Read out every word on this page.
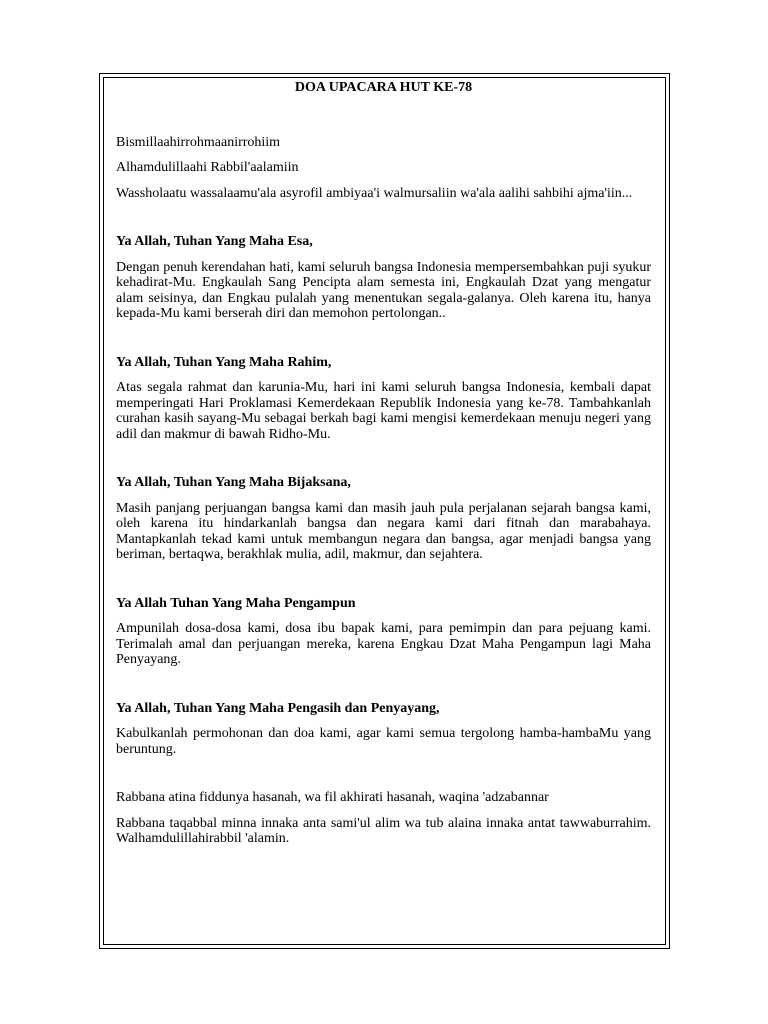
DOA UPACARA HUT KE-78

Bismillaahirrohmaanirrohiim

Alhamdulillaahi Rabbil'aalamiin

Wassholaatu wassalaamu'ala asyrofil ambiyaa'i walmursaliin wa'ala aalihi sahbihi ajma'iin...

Ya Allah, Tuhan Yang Maha Esa,

Dengan penuh kerendahan hati, kami seluruh bangsa Indonesia mempersembahkan puji syukur kehadirat-Mu. Engkaulah Sang Pencipta alam semesta ini, Engkaulah Dzat yang mengatur alam seisinya, dan Engkau pulalah yang menentukan segala-galanya. Oleh karena itu, hanya kepada-Mu kami berserah diri dan memohon pertolongan..

Ya Allah, Tuhan Yang Maha Rahim,

Atas segala rahmat dan karunia-Mu, hari ini kami seluruh bangsa Indonesia, kembali dapat memperingati Hari Proklamasi Kemerdekaan Republik Indonesia yang ke-78. Tambahkanlah curahan kasih sayang-Mu sebagai berkah bagi kami mengisi kemerdekaan menuju negeri yang adil dan makmur di bawah Ridho-Mu.

Ya Allah, Tuhan Yang Maha Bijaksana,

Masih panjang perjuangan bangsa kami dan masih jauh pula perjalanan sejarah bangsa kami, oleh karena itu hindarkanlah bangsa dan negara kami dari fitnah dan marabahaya. Mantapkanlah tekad kami untuk membangun negara dan bangsa, agar menjadi bangsa yang beriman, bertaqwa, berakhlak mulia, adil, makmur, dan sejahtera.

Ya Allah Tuhan Yang Maha Pengampun

Ampunilah dosa-dosa kami, dosa ibu bapak kami, para pemimpin dan para pejuang kami. Terimalah amal dan perjuangan mereka, karena Engkau Dzat Maha Pengampun lagi Maha Penyayang.

Ya Allah, Tuhan Yang Maha Pengasih dan Penyayang,

Kabulkanlah permohonan dan doa kami, agar kami semua tergolong hamba-hambaMu yang beruntung.

Rabbana atina fiddunya hasanah, wa fil akhirati hasanah, waqina 'adzabannar

Rabbana taqabbal minna innaka anta sami'ul alim wa tub alaina innaka antat tawwaburrahim. Walhamdulillahirabbil 'alamin.
